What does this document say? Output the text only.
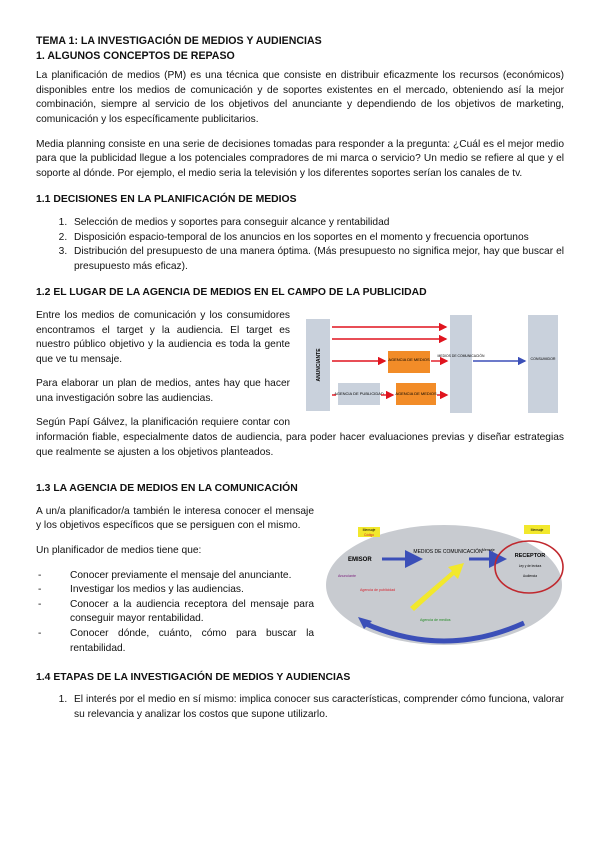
TEMA 1: LA INVESTIGACIÓN DE MEDIOS Y AUDIENCIAS
1. ALGUNOS CONCEPTOS DE REPASO

La planificación de medios (PM) es una técnica que consiste en distribuir eficazmente los recursos (económicos) disponibles entre los medios de comunicación y de soportes existentes en el mercado, obteniendo así la mejor combinación, siempre al servicio de los objetivos del anunciante y dependiendo de los objetivos de marketing, comunicación y los específicamente publicitarios.

Media planning consiste en una serie de decisiones tomadas para responder a la pregunta: ¿Cuál es el mejor medio para que la publicidad llegue a los potenciales compradores de mi marca o servicio? Un medio se refiere al que y el soporte al dónde. Por ejemplo, el medio seria la televisión y los diferentes soportes serían los canales de tv.

1.1 DECISIONES EN LA PLANIFICACIÓN DE MEDIOS
1. Selección de medios y soportes para conseguir alcance y rentabilidad
2. Disposición espacio-temporal de los anuncios en los soportes en el momento y frecuencia oportunos
3. Distribución del presupuesto de una manera óptima. (Más presupuesto no significa mejor, hay que buscar el presupuesto más eficaz).
1.2 EL LUGAR DE LA AGENCIA DE MEDIOS EN EL CAMPO DE LA PUBLICIDAD
ANUNCIANTE	MEDIOS DE COMUNICACIÓN
CONSUMIDOR
AGENCIA DE MEDIOS
AGENCIA DE PUBLICIDAD	AGENCIA DE MEDIOS

Entre los medios de comunicación y los consumidores encontramos el target y la audiencia. El target es nuestro público objetivo y la audiencia es toda la gente que ve tu mensaje.

Para elaborar un plan de medios, antes hay que hacer una investigación sobre las audiencias.

Según Papí Gálvez, la planificación requiere contar con información fiable, especialmente datos de audiencia, para poder hacer evaluaciones previas y diseñar estrategias que realmente se ajusten a los objetivos planteados.

1.3 LA AGENCIA DE MEDIOS EN LA COMUNICACIÓN
EMISOR
Mensaje
Código
MEDIOS DE COMUNICACIÓN Mensaje
Mensaje
RECEPTOR
Ley y de lectura
Audiencia
Anunciante
Agencia de publicidad
Agencia de medios

A un/a planificador/a también le interesa conocer el mensaje y los objetivos específicos que se persiguen con el mismo.

Un planificador de medios tiene que:

- Conocer previamente el mensaje del anunciante.
- Investigar los medios y las audiencias.
- Conocer a la audiencia receptora del mensaje para conseguir mayor rentabilidad.
- Conocer dónde, cuánto, cómo para buscar la rentabilidad.
1.4 ETAPAS DE LA INVESTIGACIÓN DE MEDIOS Y AUDIENCIAS
1. El interés por el medio en sí mismo: implica conocer sus características, comprender cómo funciona, valorar su relevancia y analizar los costos que supone utilizarlo.
